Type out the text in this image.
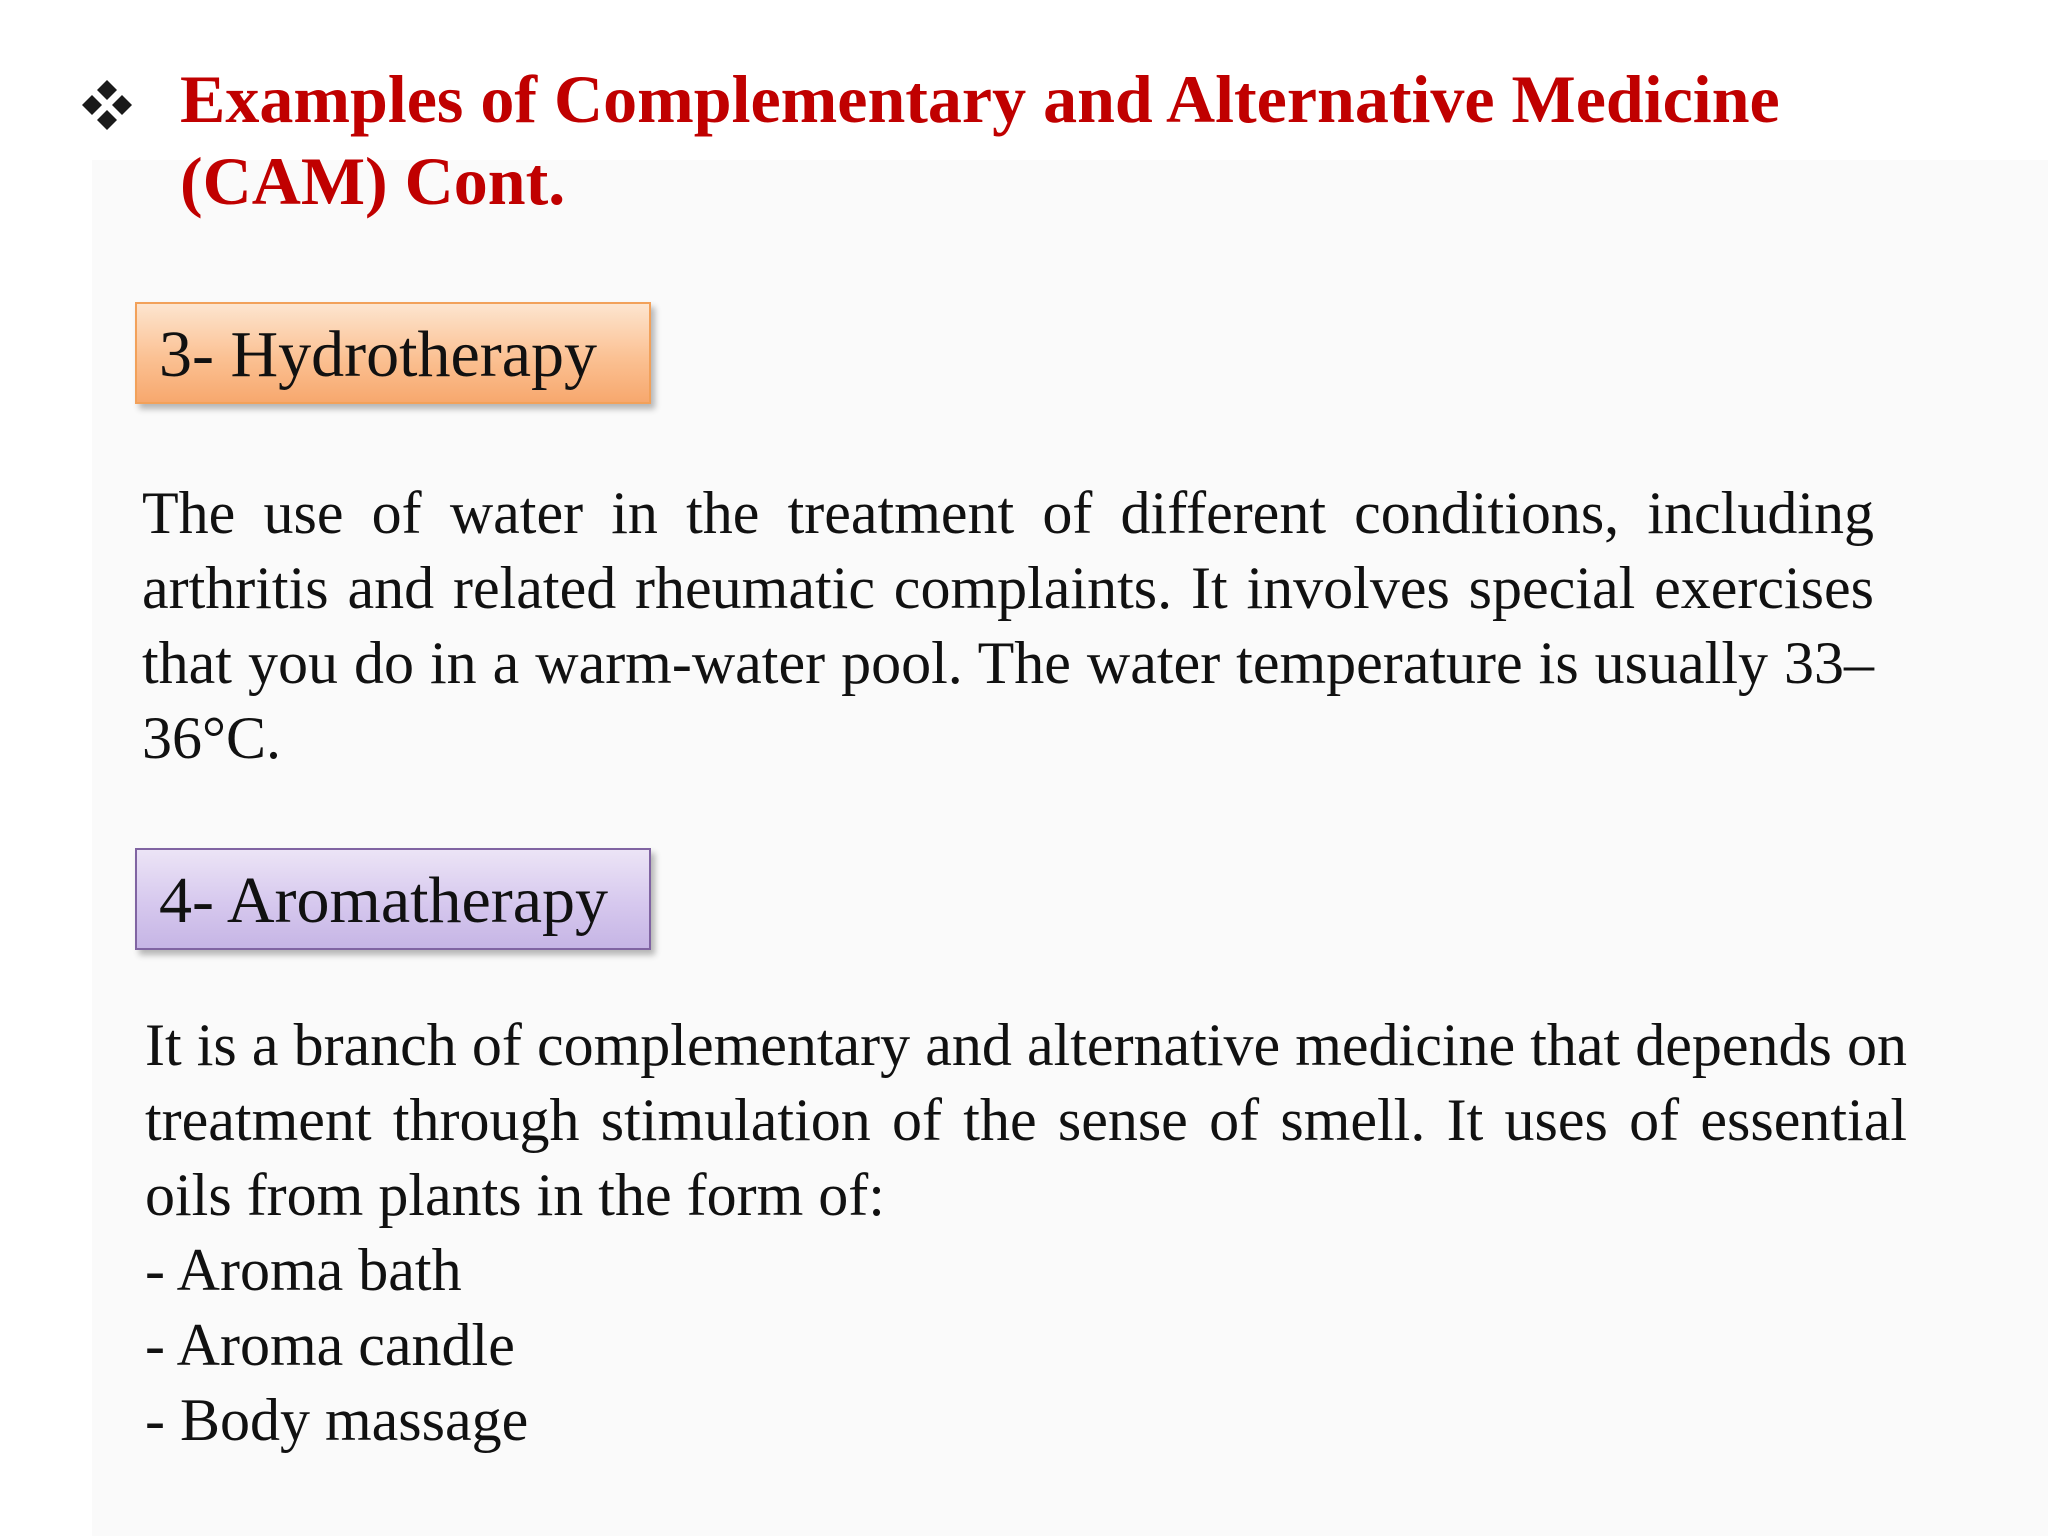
Examples of Complementary and Alternative Medicine (CAM) Cont.
3- Hydrotherapy

The use of water in the treatment of different conditions, including arthritis and related rheumatic complaints. It involves special exercises that you do in a warm-water pool. The water temperature is usually 33–36°C.

4- Aromatherapy

It is a branch of complementary and alternative medicine that depends on treatment through stimulation of the sense of smell. It uses of essential oils from plants in the form of:

- Aroma bath
- Aroma candle
- Body massage
